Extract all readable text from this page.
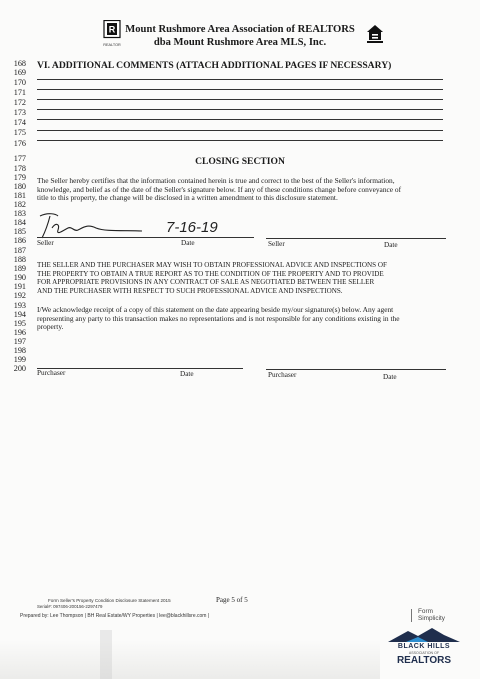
R
REALTOR
Mount Rushmore Area Association of REALTORS
dba Mount Rushmore Area MLS, Inc.
VI. ADDITIONAL COMMENTS (ATTACH ADDITIONAL PAGES IF NECESSARY)
168
169
170
171
172
173
174
175
176
177
178
179
180
181
182
183
184
185
186
187
188
189
190
191
192
193
194
195
196
197
198
199
200
CLOSING SECTION
The Seller hereby certifies that the information contained herein is true and correct to the best of the Seller's information,
knowledge, and belief as of the date of the Seller's signature below. If any of these conditions change before conveyance of
title to this property, the change will be disclosed in a written amendment to this disclosure statement.
7-16-19
Seller	Date	Seller	Date
THE SELLER AND THE PURCHASER MAY WISH TO OBTAIN PROFESSIONAL ADVICE AND INSPECTIONS OF
THE PROPERTY TO OBTAIN A TRUE REPORT AS TO THE CONDITION OF THE PROPERTY AND TO PROVIDE
FOR APPROPRIATE PROVISIONS IN ANY CONTRACT OF SALE AS NEGOTIATED BETWEEN THE SELLER
AND THE PURCHASER WITH RESPECT TO SUCH PROFESSIONAL ADVICE AND INSPECTIONS.
I/We acknowledge receipt of a copy of this statement on the date appearing beside my/our signature(s) below. Any agent
representing any party to this transaction makes no representations and is not responsible for any conditions existing in the
property.
Purchaser	Date	Purchaser	Date
Form Seller's Property Condition Disclosure Statement 2015	Page 5 of 5
Serial#: 097406-200156-2297479
Prepared by: Lee Thompson | BH Real Estate/WY Properties | lee@blackhillsre.com |
Form
Simplicity
BLACK HILLS
ASSOCIATION OF
REALTORS
